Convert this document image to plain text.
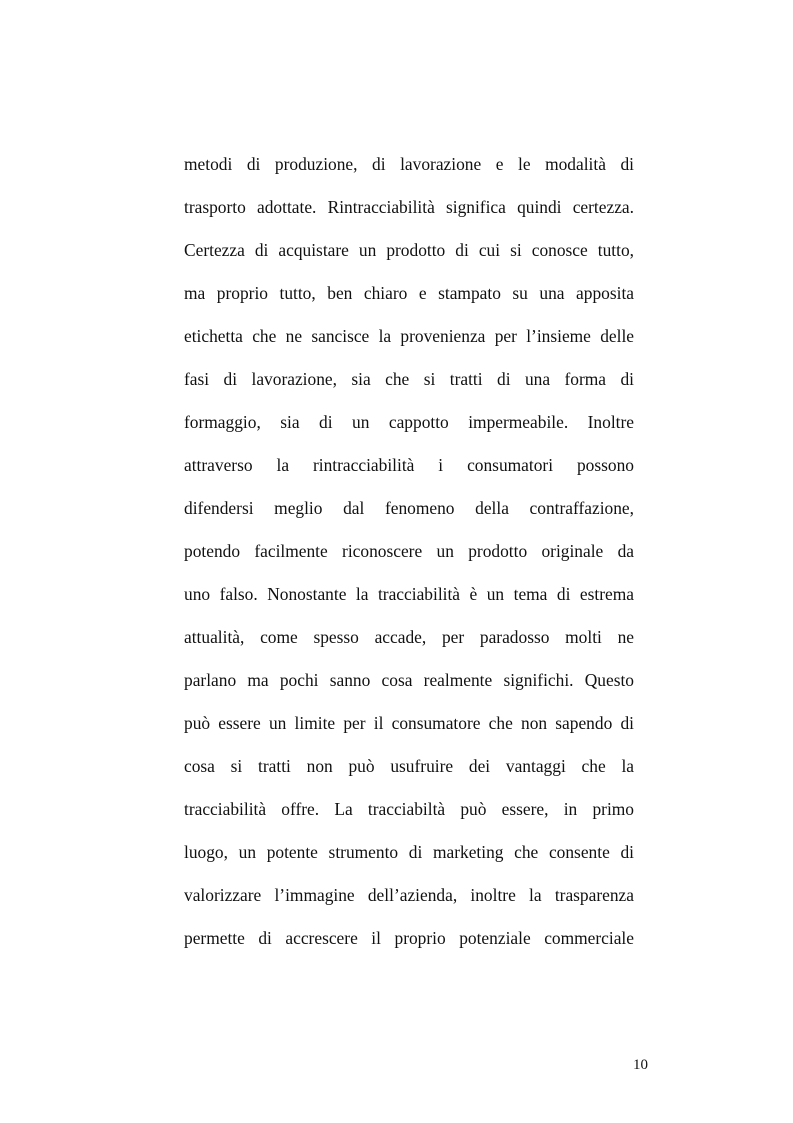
metodi di produzione, di lavorazione e le modalità di
trasporto adottate. Rintracciabilità significa quindi certezza.
Certezza di acquistare un prodotto di cui si conosce tutto,
ma proprio tutto, ben chiaro e stampato su una apposita
etichetta che ne sancisce la provenienza per l’insieme delle
fasi di lavorazione, sia che si tratti di una forma di
formaggio, sia di un cappotto impermeabile. Inoltre
attraverso la rintracciabilità i consumatori possono
difendersi meglio dal fenomeno della contraffazione,
potendo facilmente riconoscere un prodotto originale da
uno falso. Nonostante la tracciabilità è un tema di estrema
attualità, come spesso accade, per paradosso molti ne
parlano ma pochi sanno cosa realmente significhi. Questo
può essere un limite per il consumatore che non sapendo di
cosa si tratti non può usufruire dei vantaggi che la
tracciabilità offre. La tracciabiltà può essere, in primo
luogo, un potente strumento di marketing che consente di
valorizzare l’immagine dell’azienda, inoltre la trasparenza
permette di accrescere il proprio potenziale commerciale
10
